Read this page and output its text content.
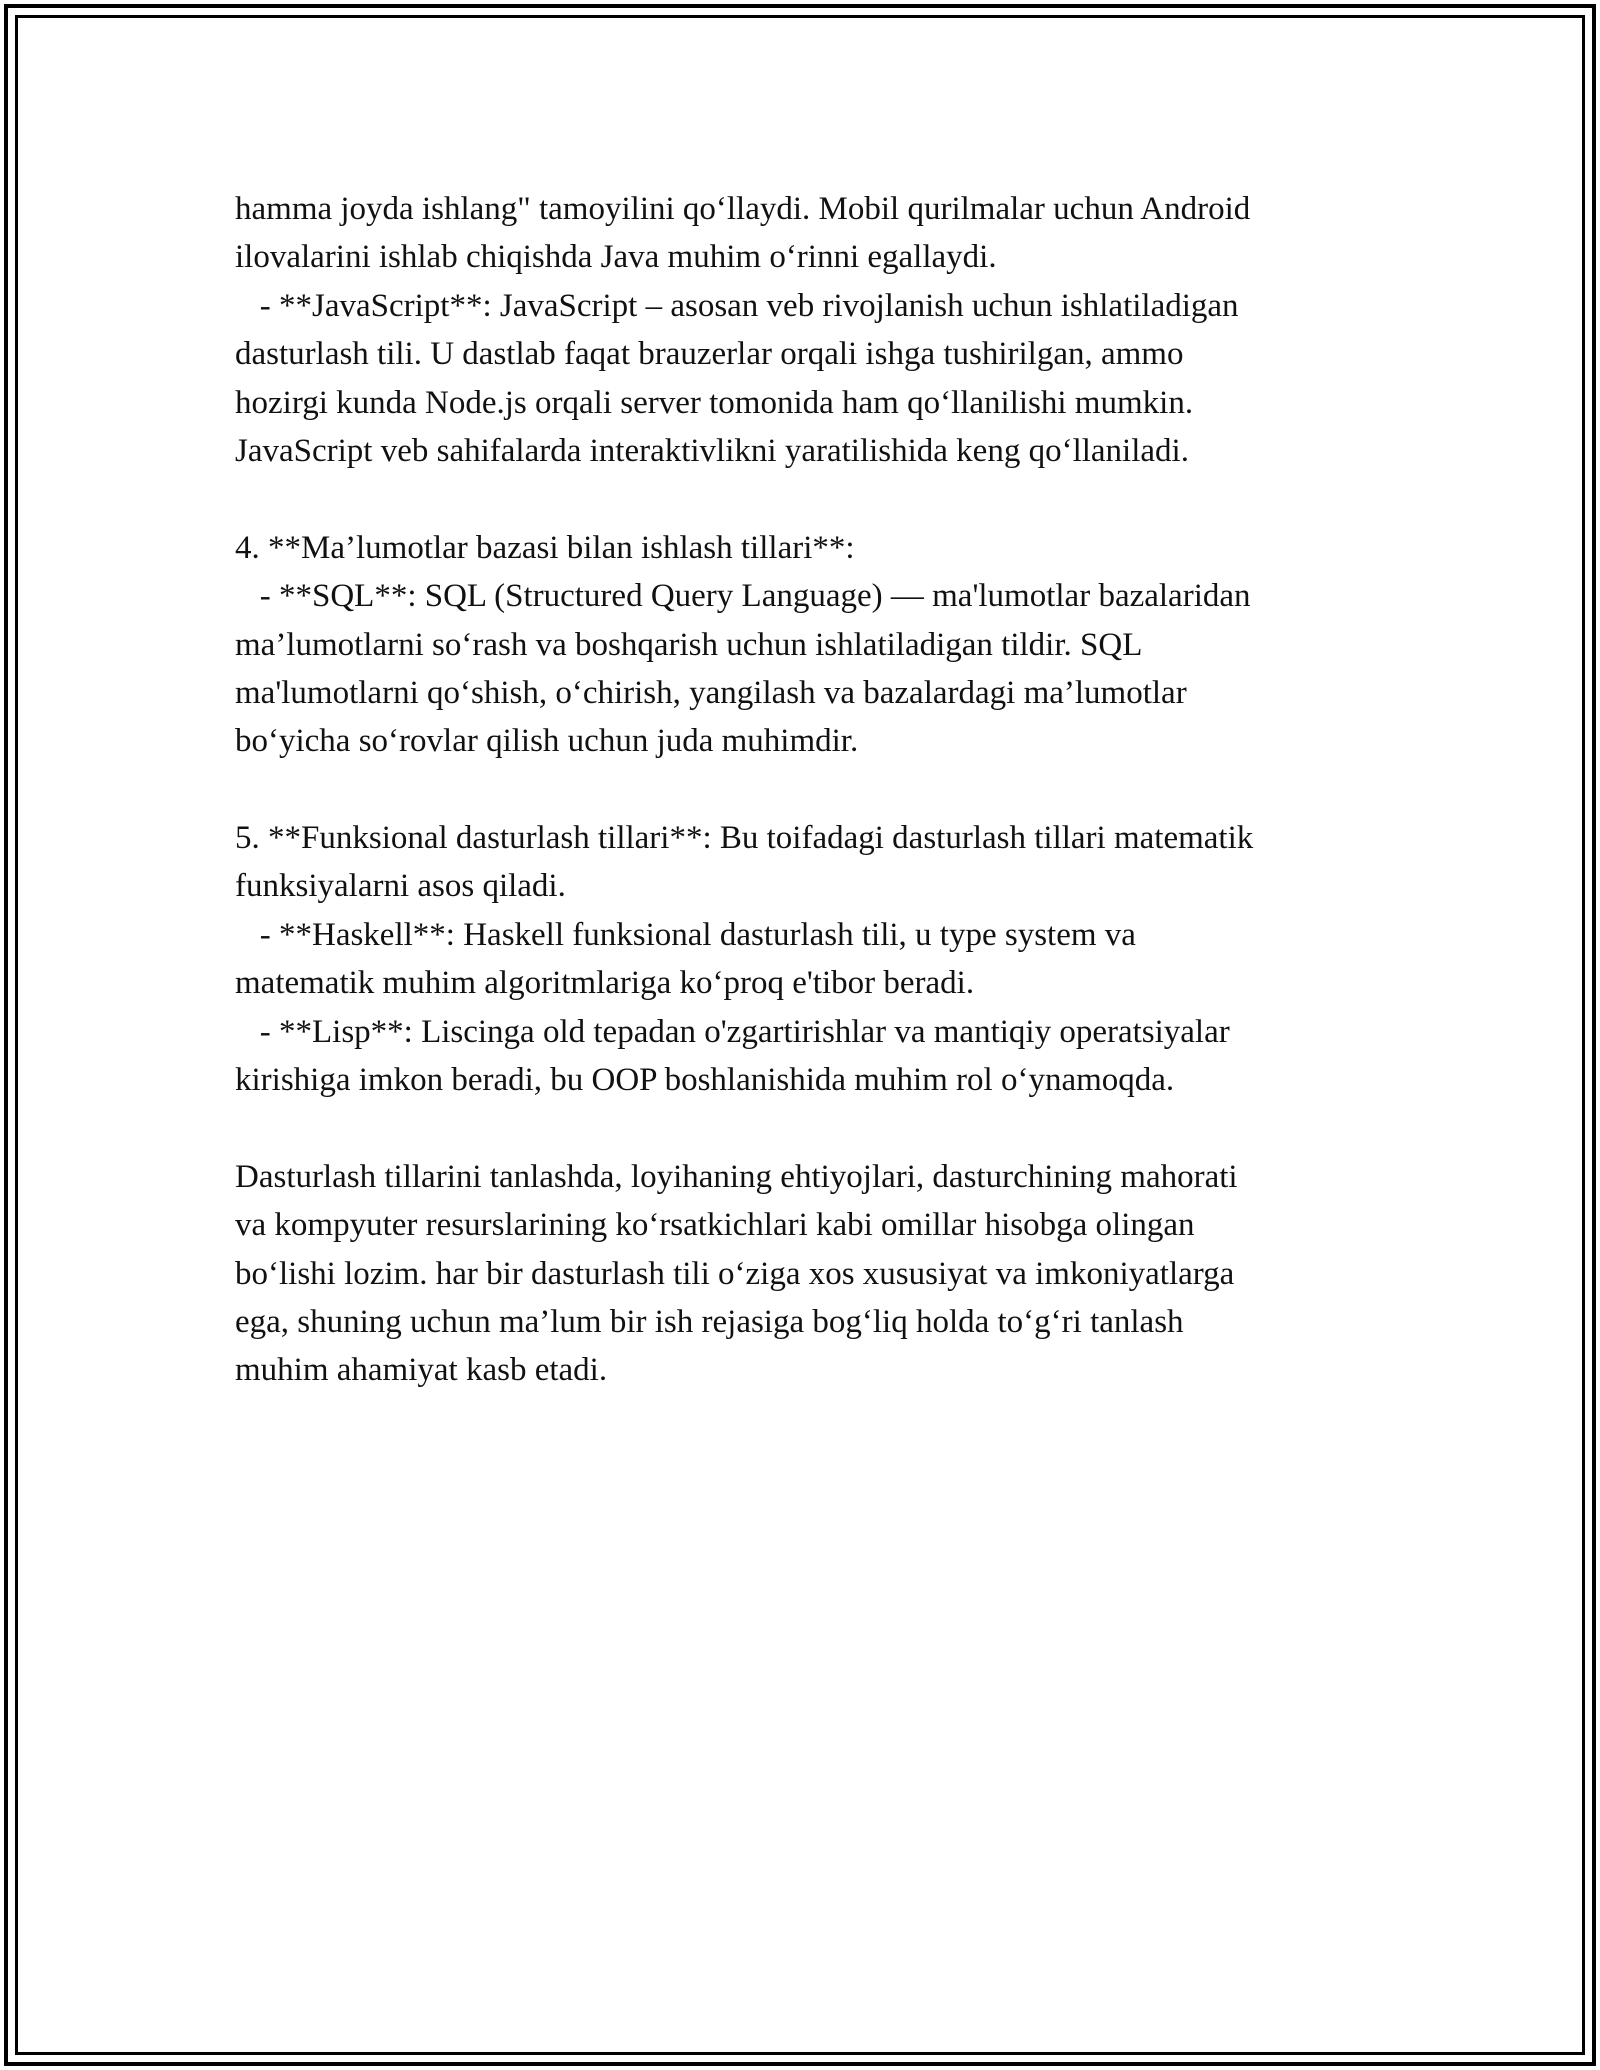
hamma joyda ishlang" tamoyilini qo‘llaydi. Mobil qurilmalar uchun Android
ilovalarini ishlab chiqishda Java muhim o‘rinni egallaydi.
- **JavaScript**: JavaScript – asosan veb rivojlanish uchun ishlatiladigan
dasturlash tili. U dastlab faqat brauzerlar orqali ishga tushirilgan, ammo
hozirgi kunda Node.js orqali server tomonida ham qo‘llanilishi mumkin.
JavaScript veb sahifalarda interaktivlikni yaratilishida keng qo‘llaniladi.
4. **Ma’lumotlar bazasi bilan ishlash tillari**:
- **SQL**: SQL (Structured Query Language) — ma'lumotlar bazalaridan
ma’lumotlarni so‘rash va boshqarish uchun ishlatiladigan tildir. SQL
ma'lumotlarni qo‘shish, o‘chirish, yangilash va bazalardagi ma’lumotlar
bo‘yicha so‘rovlar qilish uchun juda muhimdir.
5. **Funksional dasturlash tillari**: Bu toifadagi dasturlash tillari matematik
funksiyalarni asos qiladi.
- **Haskell**: Haskell funksional dasturlash tili, u type system va
matematik muhim algoritmlariga ko‘proq e'tibor beradi.
- **Lisp**: Liscinga old tepadan o'zgartirishlar va mantiqiy operatsiyalar
kirishiga imkon beradi, bu OOP boshlanishida muhim rol o‘ynamoqda.
Dasturlash tillarini tanlashda, loyihaning ehtiyojlari, dasturchining mahorati
va kompyuter resurslarining ko‘rsatkichlari kabi omillar hisobga olingan
bo‘lishi lozim. har bir dasturlash tili o‘ziga xos xususiyat va imkoniyatlarga
ega, shuning uchun ma’lum bir ish rejasiga bog‘liq holda to‘g‘ri tanlash
muhim ahamiyat kasb etadi.
